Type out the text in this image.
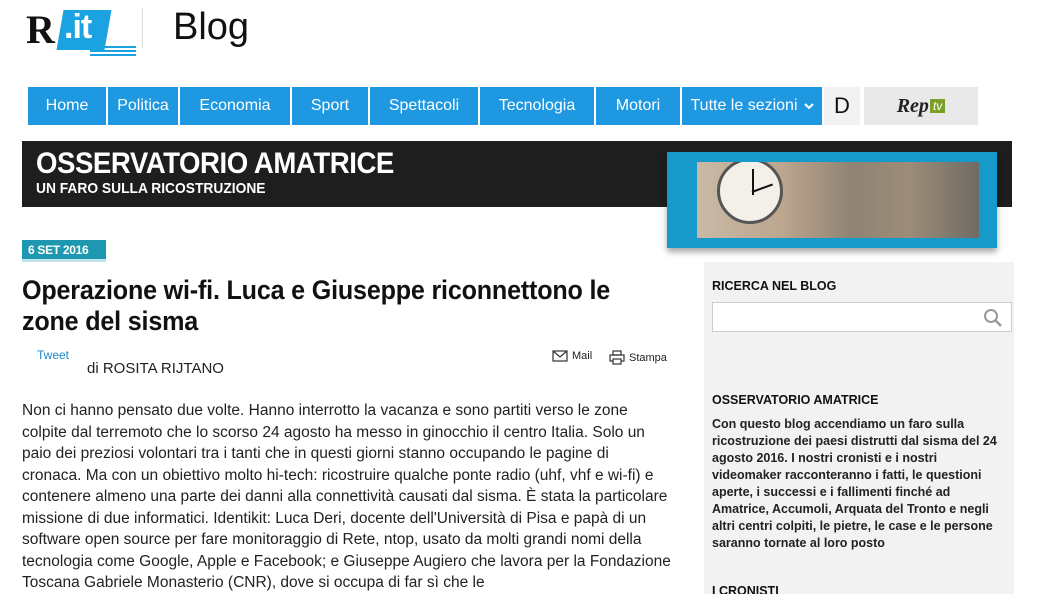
R .it Blog
Home	Politica	Economia	Sport	Spettacoli	Tecnologia	Motori	Tutte le sezioni	D	Rep tv
OSSERVATORIO AMATRICE
UN FARO SULLA RICOSTRUZIONE
6 SET 2016
Operazione wi-fi. Luca e Giuseppe riconnettono le zone del sisma
Tweet
di ROSITA RIJTANO
Mail	Stampa
Non ci hanno pensato due volte. Hanno interrotto la vacanza e sono partiti verso le zone colpite dal terremoto che lo scorso 24 agosto ha messo in ginocchio il centro Italia. Solo un paio dei preziosi volontari tra i tanti che in questi giorni stanno occupando le pagine di cronaca. Ma con un obiettivo molto hi-tech: ricostruire qualche ponte radio (uhf, vhf e wi-fi) e contenere almeno una parte dei danni alla connettività causati dal sisma. È stata la particolare missione di due informatici. Identikit: Luca Deri, docente dell'Università di Pisa e papà di un software open source per fare monitoraggio di Rete, ntop, usato da molti grandi nomi della tecnologia come Google, Apple e Facebook; e Giuseppe Augiero che lavora per la Fondazione Toscana Gabriele Monasterio (CNR), dove si occupa di far sì che le
RICERCA NEL BLOG
OSSERVATORIO AMATRICE
Con questo blog accendiamo un faro sulla ricostruzione dei paesi distrutti dal sisma del 24 agosto 2016. I nostri cronisti e i nostri videomaker racconteranno i fatti, le questioni aperte, i successi e i fallimenti finché ad Amatrice, Accumoli, Arquata del Tronto e negli altri centri colpiti, le pietre, le case e le persone saranno tornate al loro posto
I CRONISTI
